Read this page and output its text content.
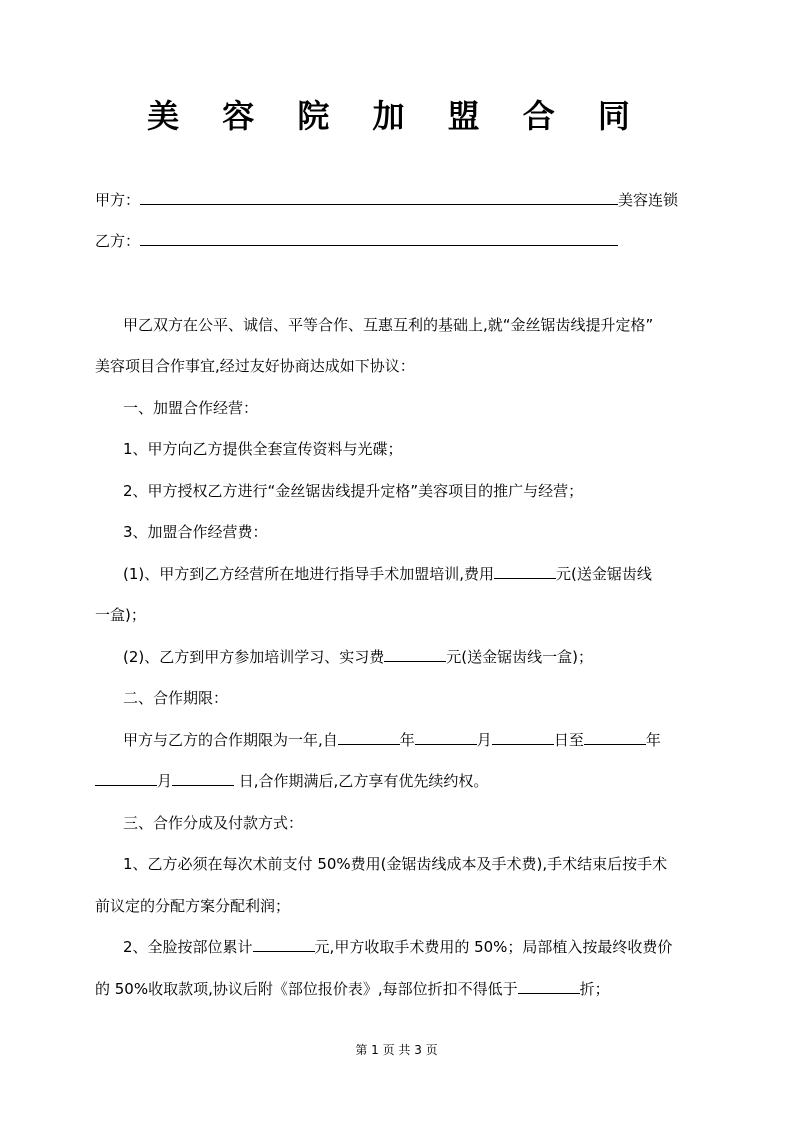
美 容 院 加 盟 合 同
甲方：	美容连锁
乙方：
甲乙双方在公平、诚信、平等合作、互惠互利的基础上,就“金丝锯齿线提升定格”
美容项目合作事宜,经过友好协商达成如下协议：
一、加盟合作经营：
1、甲方向乙方提供全套宣传资料与光碟；
2、甲方授权乙方进行“金丝锯齿线提升定格”美容项目的推广与经营；
3、加盟合作经营费：
(1)、甲方到乙方经营所在地进行指导手术加盟培训,费用	元(送金锯齿线
一盒)；
(2)、乙方到甲方参加培训学习、实习费	元(送金锯齿线一盒)；
二、合作期限：
甲方与乙方的合作期限为一年,自	年	月	日至	年
月	日,合作期满后,乙方享有优先续约权。
三、合作分成及付款方式：
1、乙方必须在每次术前支付 50%费用(金锯齿线成本及手术费),手术结束后按手术
前议定的分配方案分配利润；
2、全脸按部位累计	元,甲方收取手术费用的 50%；局部植入按最终收费价
的 50%收取款项,协议后附《部位报价表》,每部位折扣不得低于	折；
第 1 页 共 3 页
